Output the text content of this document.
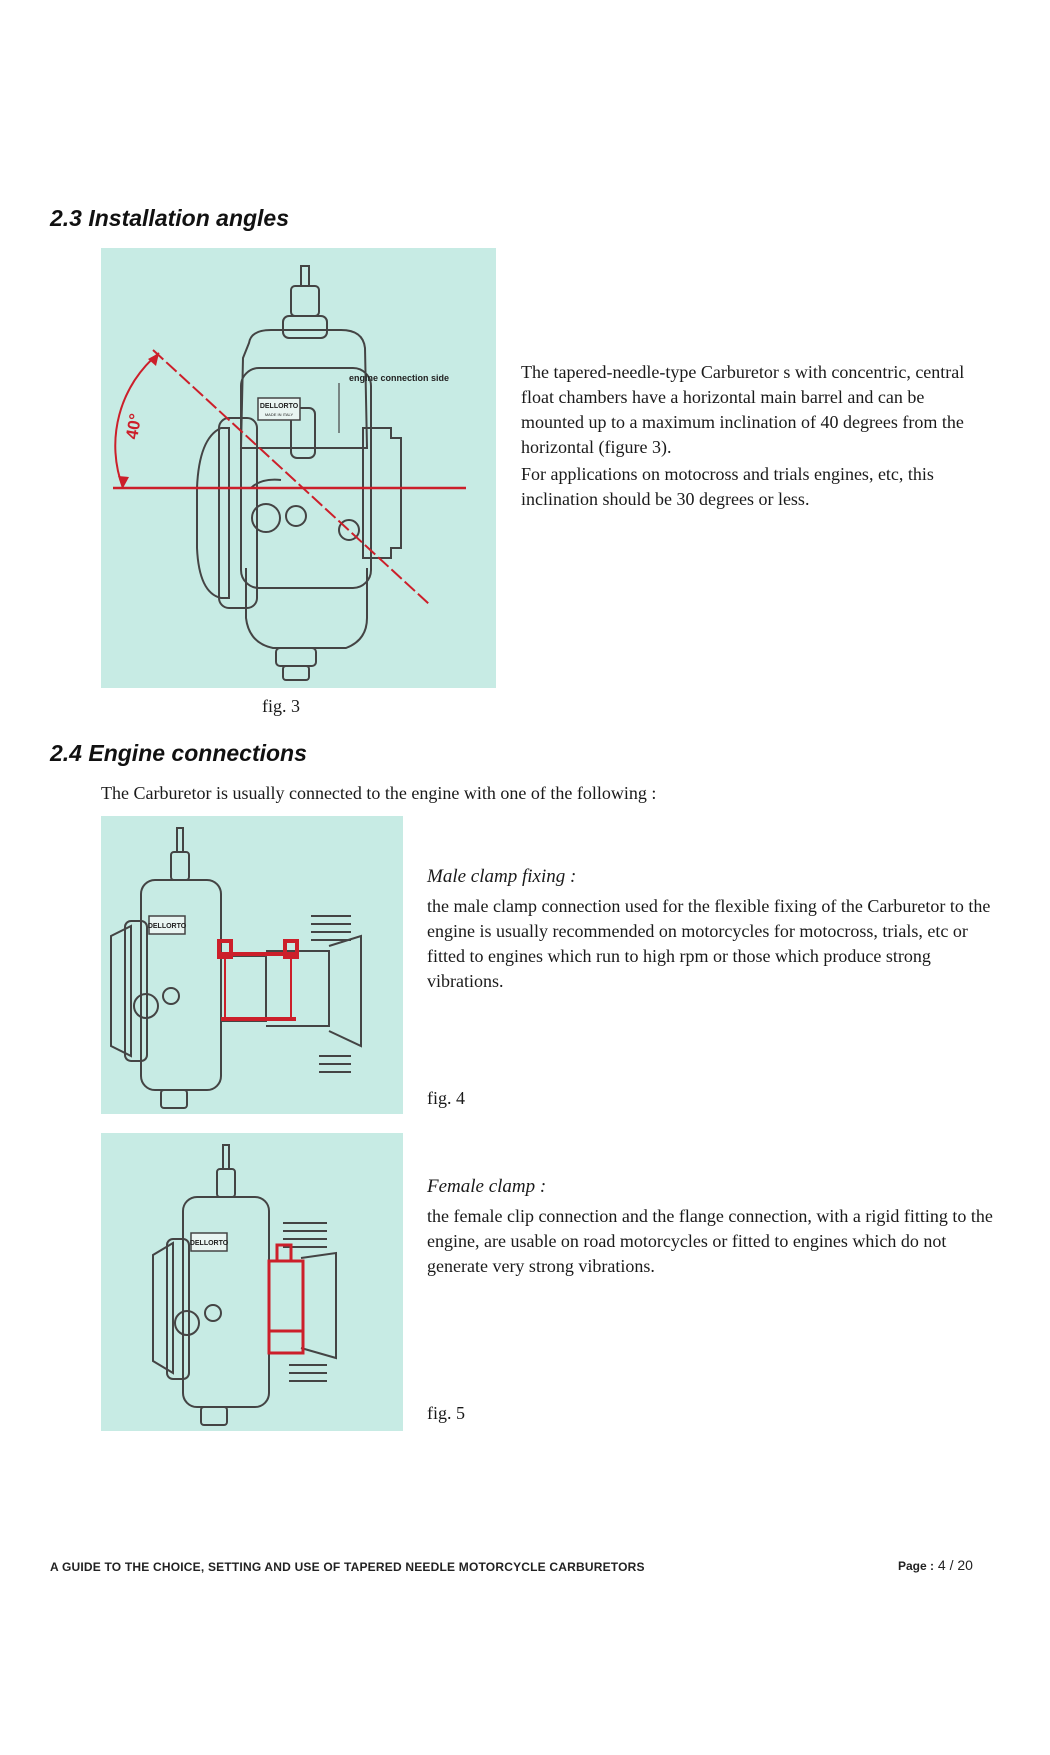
2.3 Installation angles
DELLORTO
MADE IN ITALY
engine connection side
40°
fig. 3

The tapered-needle-type Carburetor s with concentric, central float chambers have a horizontal main barrel and can be mounted up to a maximum inclination of 40 degrees from the horizontal (figure 3).

For applications on motocross and trials engines, etc, this inclination should be 30 degrees or less.

2.4 Engine connections
The Carburetor is usually connected to the engine with one of the following :
DELLORTO
Male clamp fixing :
the male clamp connection used for the flexible fixing of the Carburetor to the engine is usually recommended on motorcycles for motocross, trials, etc or fitted to engines which run to high rpm or those which produce strong vibrations.
fig. 4
DELLORTO
Female clamp :
the female clip connection and the flange connection, with a rigid fitting to the engine, are usable on road motorcycles or fitted to engines which do not generate very strong vibrations.
fig. 5
A GUIDE TO THE CHOICE, SETTING AND USE OF TAPERED NEEDLE MOTORCYCLE CARBURETORS	Page : 4 / 20
